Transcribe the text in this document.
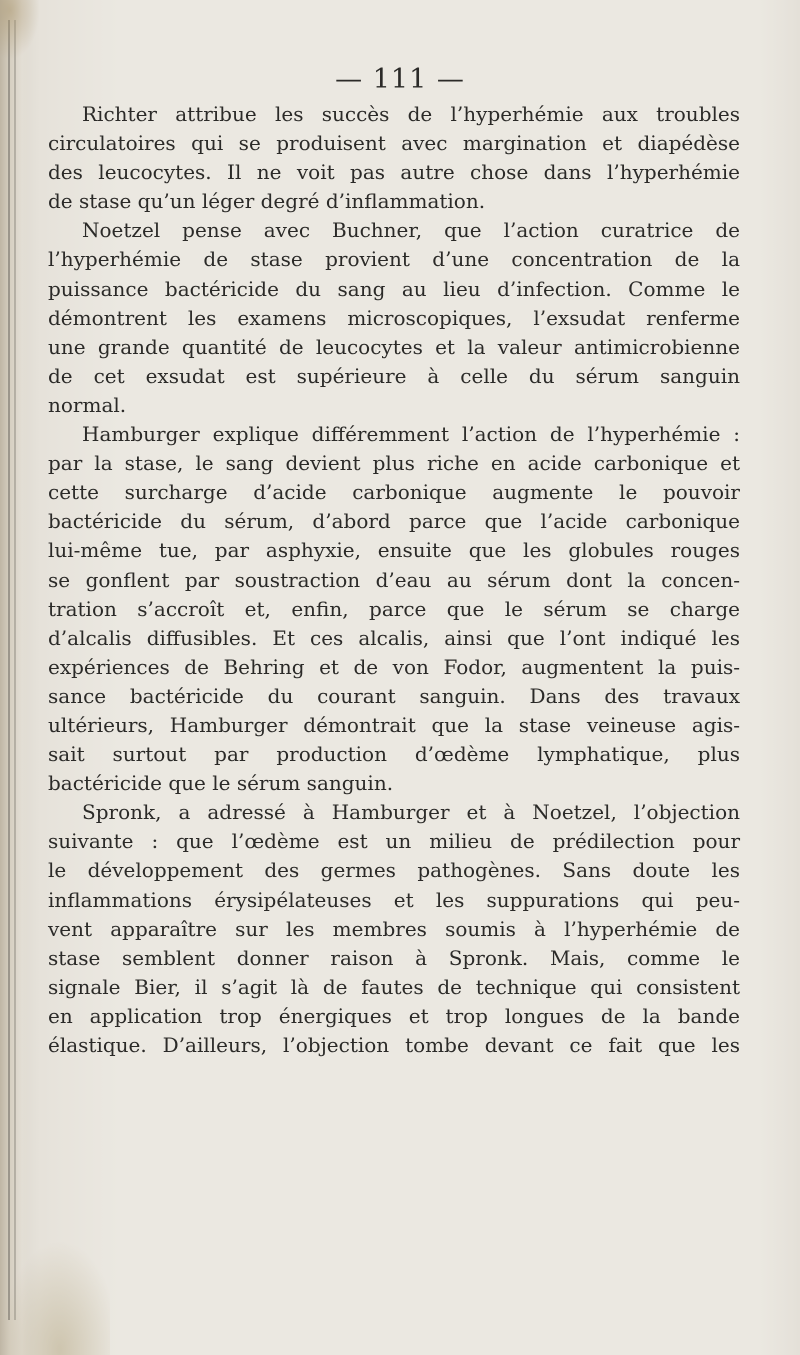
— 111 —
Richter attribue les succès de l’hyperhémie aux troubles
circulatoires qui se produisent avec margination et diapédèse
des leucocytes. Il ne voit pas autre chose dans l’hyperhémie
de stase qu’un léger degré d’inflammation.
Noetzel pense avec Buchner, que l’action curatrice de
l’hyperhémie de stase provient d’une concentration de la
puissance bactéricide du sang au lieu d’infection. Comme le
démontrent les examens microscopiques, l’exsudat renferme
une grande quantité de leucocytes et la valeur antimicrobienne
de cet exsudat est supérieure à celle du sérum sanguin
normal.
Hamburger explique différemment l’action de l’hyperhémie :
par la stase, le sang devient plus riche en acide carbonique et
cette surcharge d’acide carbonique augmente le pouvoir
bactéricide du sérum, d’abord parce que l’acide carbonique
lui-même tue, par asphyxie, ensuite que les globules rouges
se gonflent par soustraction d’eau au sérum dont la concen-
tration s’accroît et, enfin, parce que le sérum se charge
d’alcalis diffusibles. Et ces alcalis, ainsi que l’ont indiqué les
expériences de Behring et de von Fodor, augmentent la puis-
sance bactéricide du courant sanguin. Dans des travaux
ultérieurs, Hamburger démontrait que la stase veineuse agis-
sait surtout par production d’œdème lymphatique, plus
bactéricide que le sérum sanguin.
Spronk, a adressé à Hamburger et à Noetzel, l’objection
suivante : que l’œdème est un milieu de prédilection pour
le développement des germes pathogènes. Sans doute les
inflammations érysipélateuses et les suppurations qui peu-
vent apparaître sur les membres soumis à l’hyperhémie de
stase semblent donner raison à Spronk. Mais, comme le
signale Bier, il s’agit là de fautes de technique qui consistent
en application trop énergiques et trop longues de la bande
élastique. D’ailleurs, l’objection tombe devant ce fait que les
